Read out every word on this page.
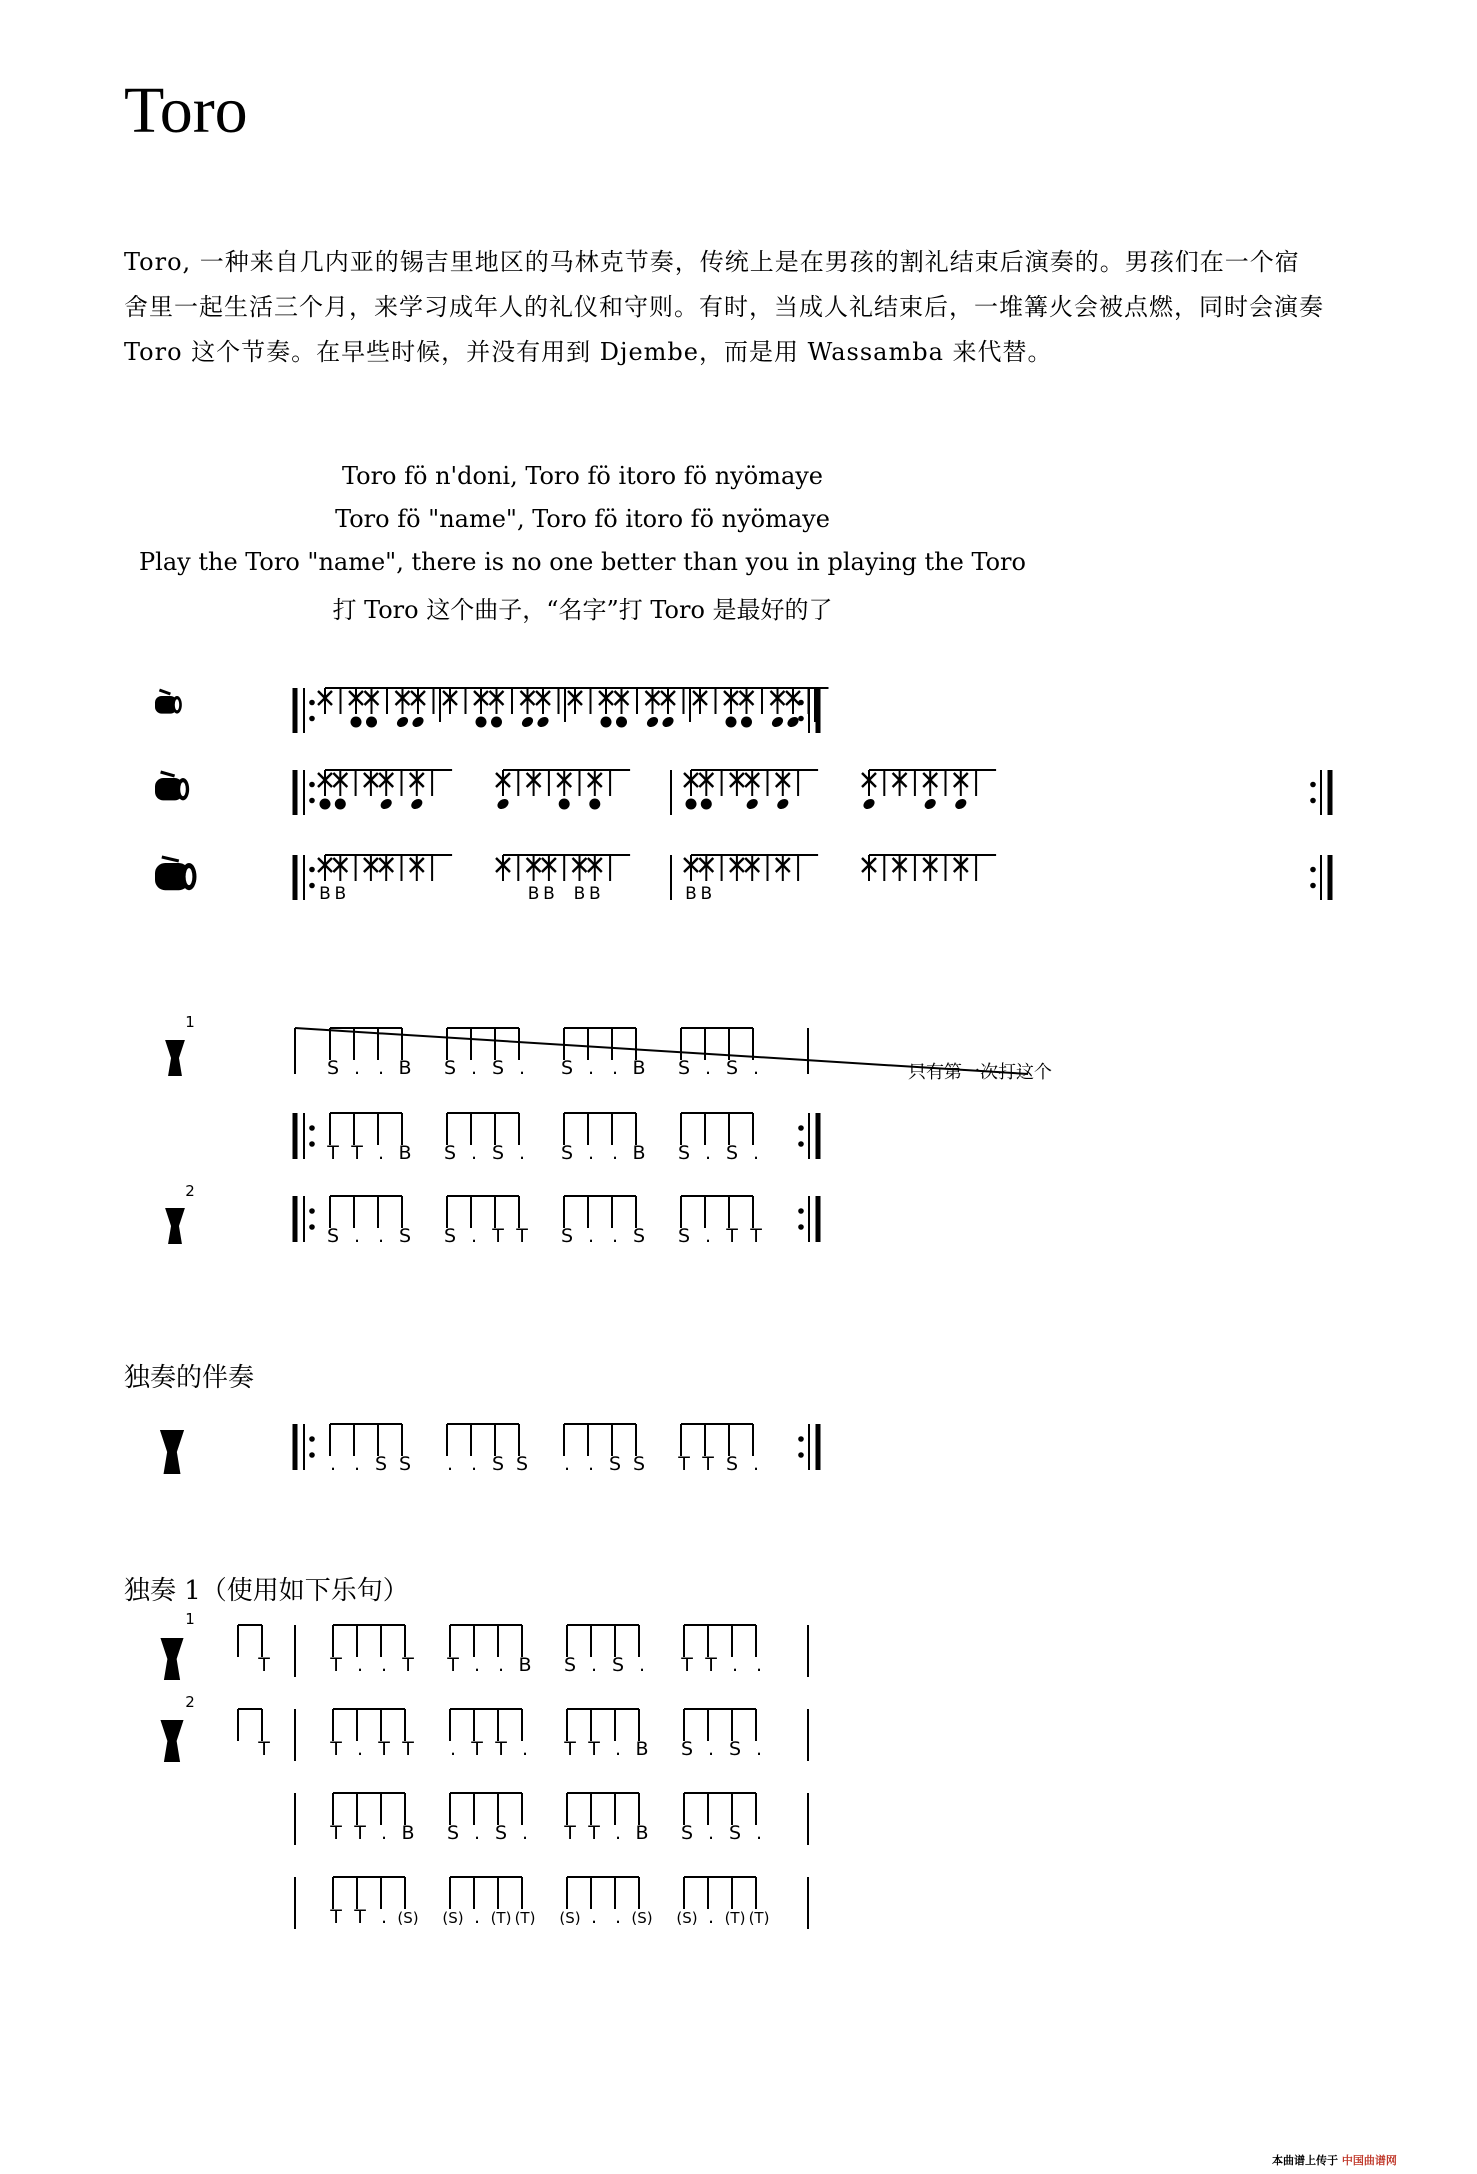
Toro
Toro, 一种来自几内亚的锡吉里地区的马林克节奏，传统上是在男孩的割礼结束后演奏的。男孩们在一个宿舍里一起生活三个月，来学习成年人的礼仪和守则。有时，当成人礼结束后，一堆篝火会被点燃，同时会演奏 Toro 这个节奏。在早些时候，并没有用到 Djembe，而是用 Wassamba 来代替。
Toro fö n'doni, Toro fö itoro fö nyömaye
Toro fö "name", Toro fö itoro fö nyömaye
Play the Toro "name", there is no one better than you in playing the Toro
打 Toro 这个曲子，“名字”打 Toro 是最好的了
只有第一次打这个
独奏的伴奏
独奏 1（使用如下乐句）
本曲谱上传于 中国曲谱网
B B	B B B B	B B
1
S . . B S . S . S . . B S . S .
T T . B S . S . S . . B S . S .
2
S . . S S . T T S . . S S . T T
. . S S . . S S . . S S T T S .
1
T	T . . T T . . B S . S . T T . .
2
T	T . T T . T T . T T . B S . S .
T T . B S . S . T T . B S . S .
T T . (S) (S) . (T) (T) (S) . . (S) (S) . (T) (T)
